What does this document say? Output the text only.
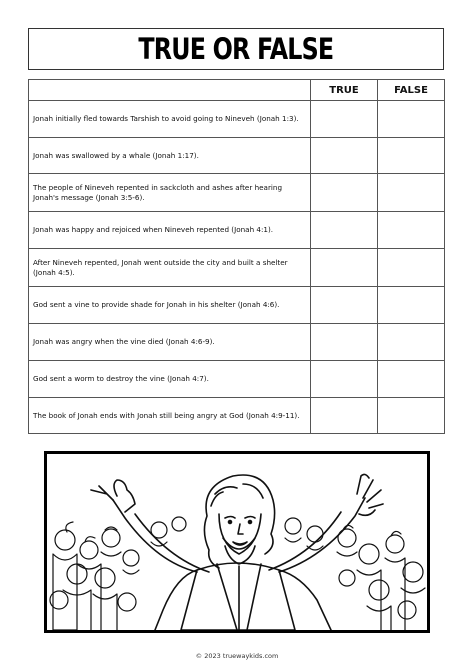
TRUE OR FALSE
	TRUE	FALSE
Jonah initially fled towards Tarshish to avoid going to Nineveh (Jonah 1:3).		
Jonah was swallowed by a whale (Jonah 1:17).		
The people of Nineveh repented in sackcloth and ashes after hearing Jonah's message (Jonah 3:5-6).		
Jonah was happy and rejoiced when Nineveh repented (Jonah 4:1).		
After Nineveh repented, Jonah went outside the city and built a shelter (Jonah 4:5).		
God sent a vine to provide shade for Jonah in his shelter (Jonah 4:6).		
Jonah was angry when the vine died (Jonah 4:6-9).		
God sent a worm to destroy the vine (Jonah 4:7).		
The book of Jonah ends with Jonah still being angry at God (Jonah 4:9-11).		
© 2023 truewaykids.com
